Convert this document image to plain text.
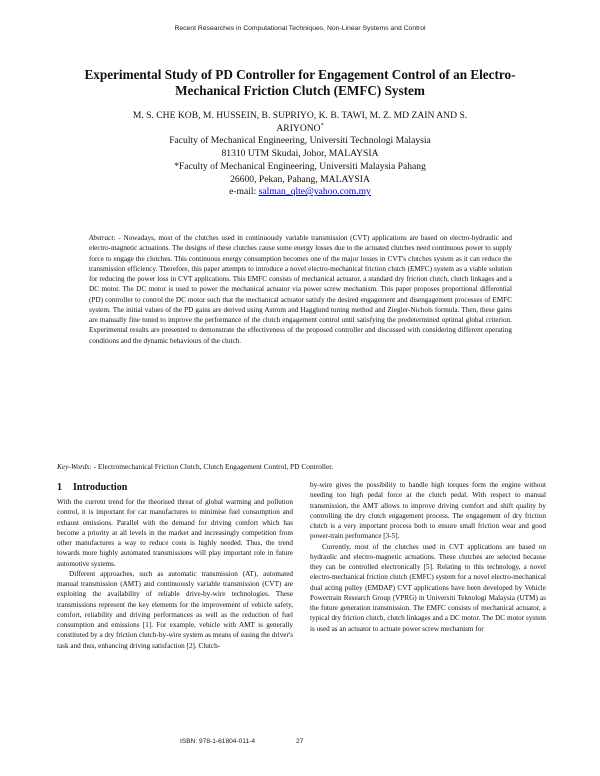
Recent Researches in Computational Techniques, Non-Linear Systems and Control
Experimental Study of PD Controller for Engagement Control of an Electro-Mechanical Friction Clutch (EMFC) System
M. S. CHE KOB, M. HUSSEIN, B. SUPRIYO, K. B. TAWI, M. Z. MD ZAIN AND S.
ARIYONO*
Faculty of Mechanical Engineering, Universiti Technologi Malaysia
81310 UTM Skudai, Johor, MALAYSIA
*Faculty of Mechanical Engineering, Universiti Malaysia Pahang
26600, Pekan, Pahang, MALAYSIA
e-mail: salman_qlte@yahoo.com.my
Abstract: - Nowadays, most of the clutches used in continuously variable transmission (CVT) applications are based on electro-hydraulic and electro-magnetic actuations. The designs of these clutches cause some energy losses due to the actuated clutches need continuous power to supply force to engage the clutches. This continuous energy consumption becomes one of the major losses in CVT's clutches system as it can reduce the transmission efficiency. Therefore, this paper attempts to introduce a novel electro-mechanical friction clutch (EMFC) system as a viable solution for reducing the power loss in CVT applications. This EMFC consists of mechanical actuator, a standard dry friction clutch, clutch linkages and a DC motor. The DC motor is used to power the mechanical actuator via power screw mechanism. This paper proposes proportional differential (PD) controller to control the DC motor such that the mechanical actuator satisfy the desired engagement and disengagement processes of EMFC system. The initial values of the PD gains are derived using Astrom and Hagglund tuning method and Ziegler-Nichols formula. Then, these gains are manually fine tuned to improve the performance of the clutch engagement control until satisfying the predetermined optimal global criterion. Experimental results are presented to demonstrate the effectiveness of the proposed controller and discussed with considering different operating conditions and the dynamic behaviours of the clutch.
Key-Words: - Electromechanical Friction Clutch, Clutch Engagement Control, PD Controller.
1 Introduction

With the current trend for the theorised threat of global warming and pollution control, it is important for car manufactures to minimise fuel consumption and exhaust emissions. Parallel with the demand for driving comfort which has become a priority at all levels in the market and increasingly competition from other manufactures a way to reduce costs is highly needed. Thus, the trend towards more highly automated transmissions will play important role in future automotive systems.

Different approaches, such as automatic transmission (AT), automated manual transmission (AMT) and continuously variable transmission (CVT) are exploiting the availability of reliable drive-by-wire technologies. These transmissions represent the key elements for the improvement of vehicle safety, comfort, reliability and driving performances as well as the reduction of fuel consumption and emissions [1]. For example, vehicle with AMT is generally constituted by a dry friction clutch-by-wire system as means of easing the driver's task and thus, enhancing driving satisfaction [2]. Clutch-

by-wire gives the possibility to handle high torques form the engine without needing too high pedal force at the clutch pedal. With respect to manual transmission, the AMT allows to improve driving comfort and shift quality by controlling the dry clutch engagement process. The engagement of dry friction clutch is a very important process both to ensure small friction wear and good power-train performance [3-5].

Currently, most of the clutches used in CVT applications are based on hydraulic and electro-magnetic actuations. These clutches are selected because they can be controlled electronically [5]. Relating to this technology, a novel electro-mechanical friction clutch (EMFC) system for a novel electro-mechanical dual acting pulley (EMDAP) CVT applications have been developed by Vehicle Powertrain Research Group (VPRG) in Universiti Teknologi Malaysia (UTM) as the future generation transmission. The EMFC consists of mechanical actuator, a typical dry friction clutch, clutch linkages and a DC motor. The DC motor system is used as an actuator to actuate power screw mechanism for

ISBN: 978-1-61804-011-4	27
